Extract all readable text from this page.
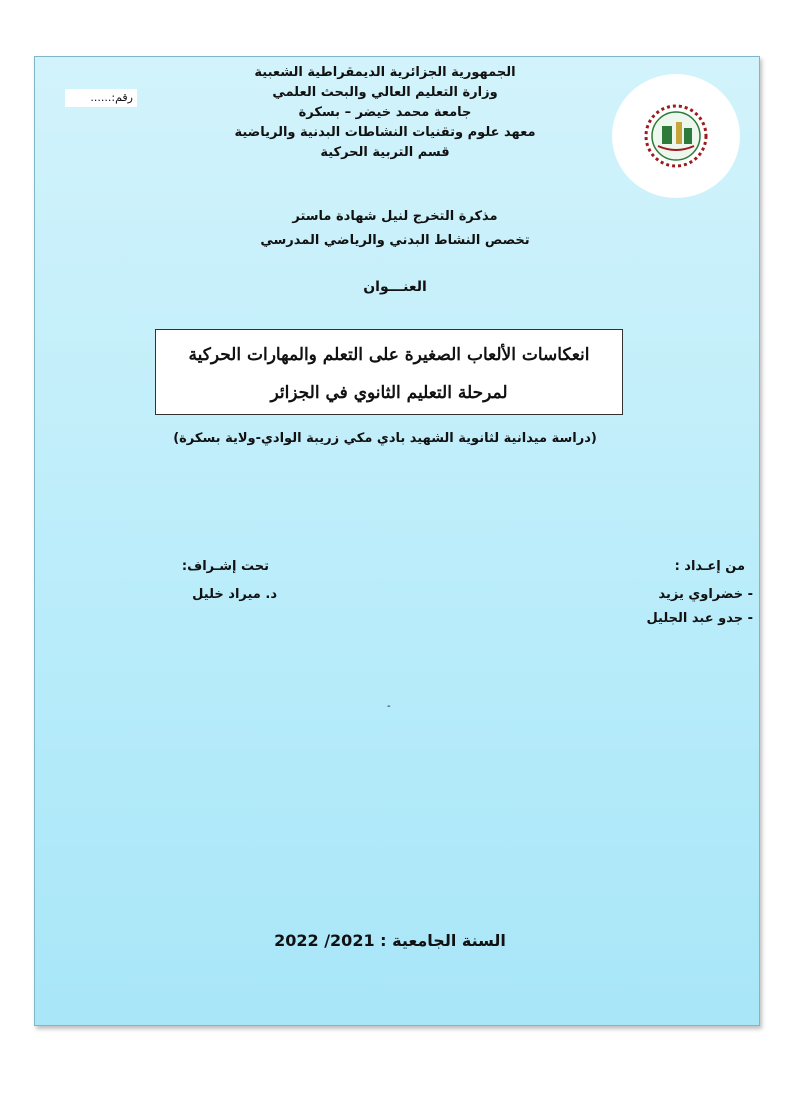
رقم:......
الجمهورية الجزائرية الديمقراطية الشعبية
وزارة التعليم العالي والبحث العلمي
جامعة محمد خيضر – بسكرة
معهد علوم وتقنيات النشاطات البدنية والرياضية
قسم التربية الحركية
مذكرة التخرج لنيل شهادة ماستر
تخصص النشاط البدني والرياضي المدرسي
العنـــوان
انعكاسات الألعاب الصغيرة على التعلم والمهارات الحركية
لمرحلة التعليم الثانوي في الجزائر
(دراسة ميدانية لثانوية الشهيد بادي مكي زريبة الوادي-ولاية بسكرة)
من إعـداد :
- خضراوي يزيد
- جدو عبد الجليل
تحت إشـراف:
د. ميراد خليل
-
السنة الجامعية : 2021/ 2022
